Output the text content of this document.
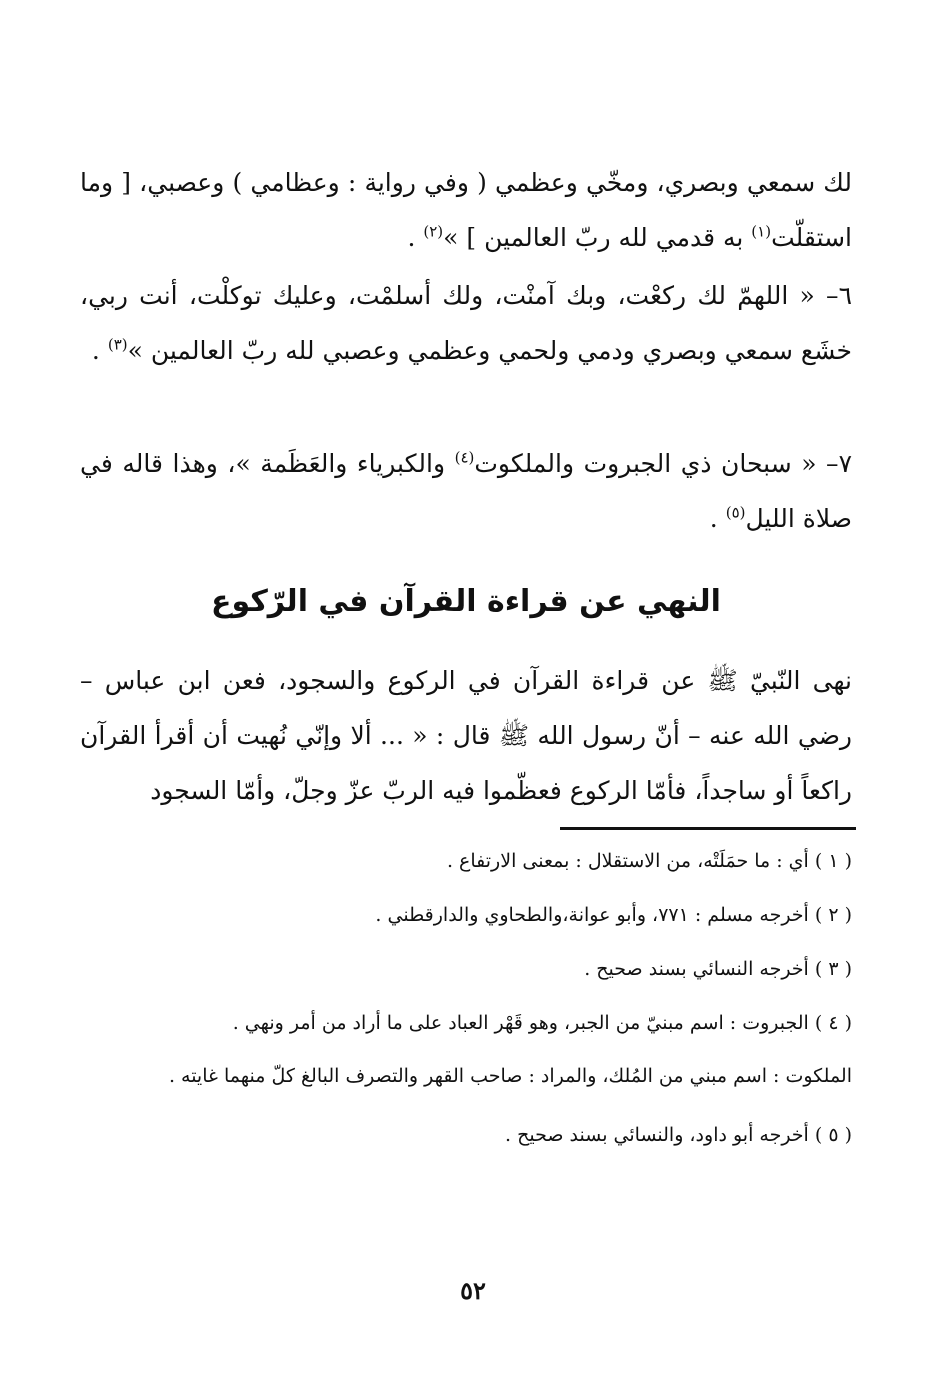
لك سمعي وبصري، ومخّي وعظمي ( وفي رواية : وعظامي ) وعصبي، [ وما استقلّت$^{(١)}$ به قدمي لله ربّ العالمين ] »$^{(٢)}$ .

٦– « اللهمّ لك ركعْت، وبك آمنْت، ولك أسلمْت، وعليك توكلْت، أنت ربي، خشَع سمعي وبصري ودمي ولحمي وعظمي وعصبي لله ربّ العالمين »$^{(٣)}$ .

٧– « سبحان ذي الجبروت والملكوت$^{(٤)}$ والكبرياء والعَظَمة »، وهذا قاله في صلاة الليل$^{(٥)}$ .

النهي عن قراءة القرآن في الرّكوع

نهى النّبيّ ﷺ عن قراءة القرآن في الركوع والسجود، فعن ابن عباس – رضي الله عنه – أنّ رسول الله ﷺ قال : « ... ألا وإنّي نُهيت أن أقرأ القرآن راكعاً أو ساجداً، فأمّا الركوع فعظّموا فيه الربّ عزّ وجلّ، وأمّا السجود

( ١ ) أي : ما حمَلَتْه، من الاستقلال : بمعنى الارتفاع .

( ٢ ) أخرجه مسلم : ٧٧١، وأبو عوانة،والطحاوي والدارقطني .

( ٣ ) أخرجه النسائي بسند صحيح .

( ٤ ) الجبروت : اسم مبنيّ من الجبر، وهو قَهْر العباد على ما أراد من أمر ونهي .

الملكوت : اسم مبني من المُلك، والمراد : صاحب القهر والتصرف البالغ كلّ منهما غايته .

( ٥ ) أخرجه أبو داود، والنسائي بسند صحيح .

٥٢
